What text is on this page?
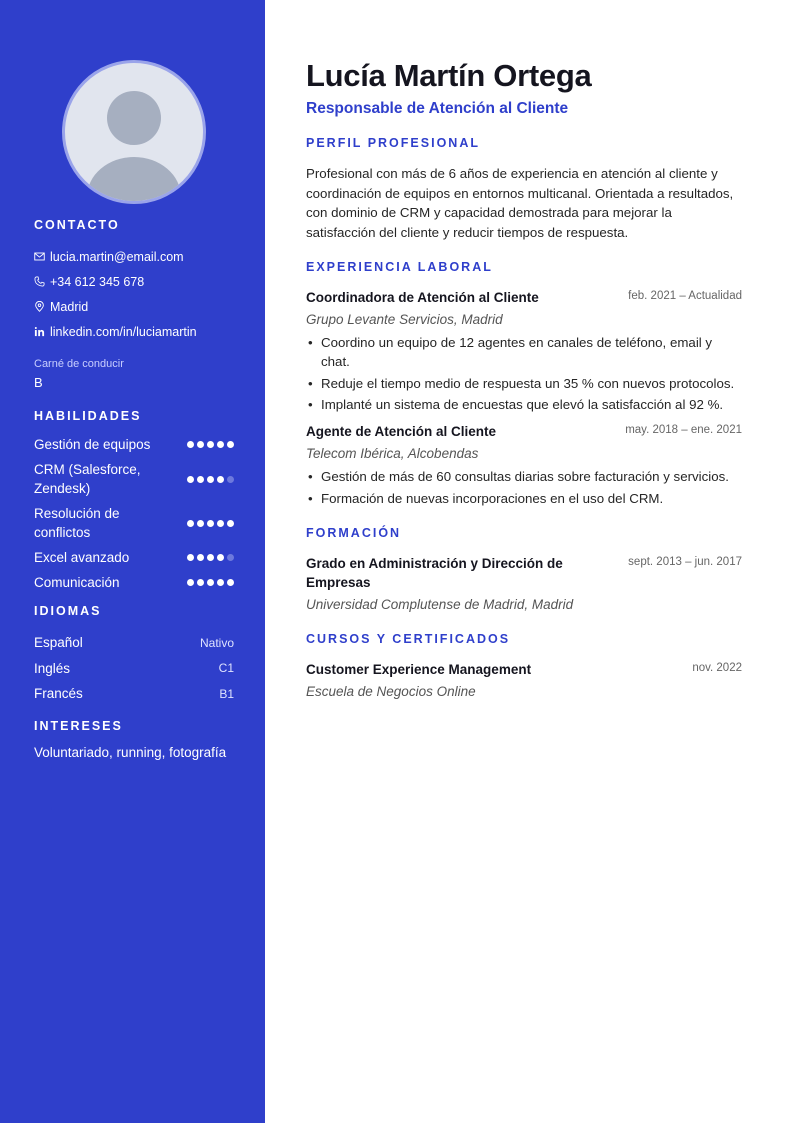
CONTACTO
lucia.martin@email.com
+34 612 345 678
Madrid
linkedin.com/in/luciamartin
Carné de conducir
B
HABILIDADES
Gestión de equipos
CRM (Salesforce, Zendesk)
Resolución de conflictos
Excel avanzado
Comunicación
IDIOMAS
Español	Nativo
Inglés	C1
Francés	B1
INTERESES
Voluntariado, running, fotografía
Lucía Martín Ortega
Responsable de Atención al Cliente
PERFIL PROFESIONAL

Profesional con más de 6 años de experiencia en atención al cliente y coordinación de equipos en entornos multicanal. Orientada a resultados, con dominio de CRM y capacidad demostrada para mejorar la satisfacción del cliente y reducir tiempos de respuesta.

EXPERIENCIA LABORAL
Coordinadora de Atención al Cliente	feb. 2021 – Actualidad
Grupo Levante Servicios, Madrid
• Coordino un equipo de 12 agentes en canales de teléfono, email y chat.
• Reduje el tiempo medio de respuesta un 35 % con nuevos protocolos.
• Implanté un sistema de encuestas que elevó la satisfacción al 92 %.
Agente de Atención al Cliente	may. 2018 – ene. 2021
Telecom Ibérica, Alcobendas
• Gestión de más de 60 consultas diarias sobre facturación y servicios.
• Formación de nuevas incorporaciones en el uso del CRM.
FORMACIÓN
Grado en Administración y Dirección de Empresas
sept. 2013 – jun. 2017
Universidad Complutense de Madrid, Madrid
CURSOS Y CERTIFICADOS
Customer Experience Management	nov. 2022
Escuela de Negocios Online
